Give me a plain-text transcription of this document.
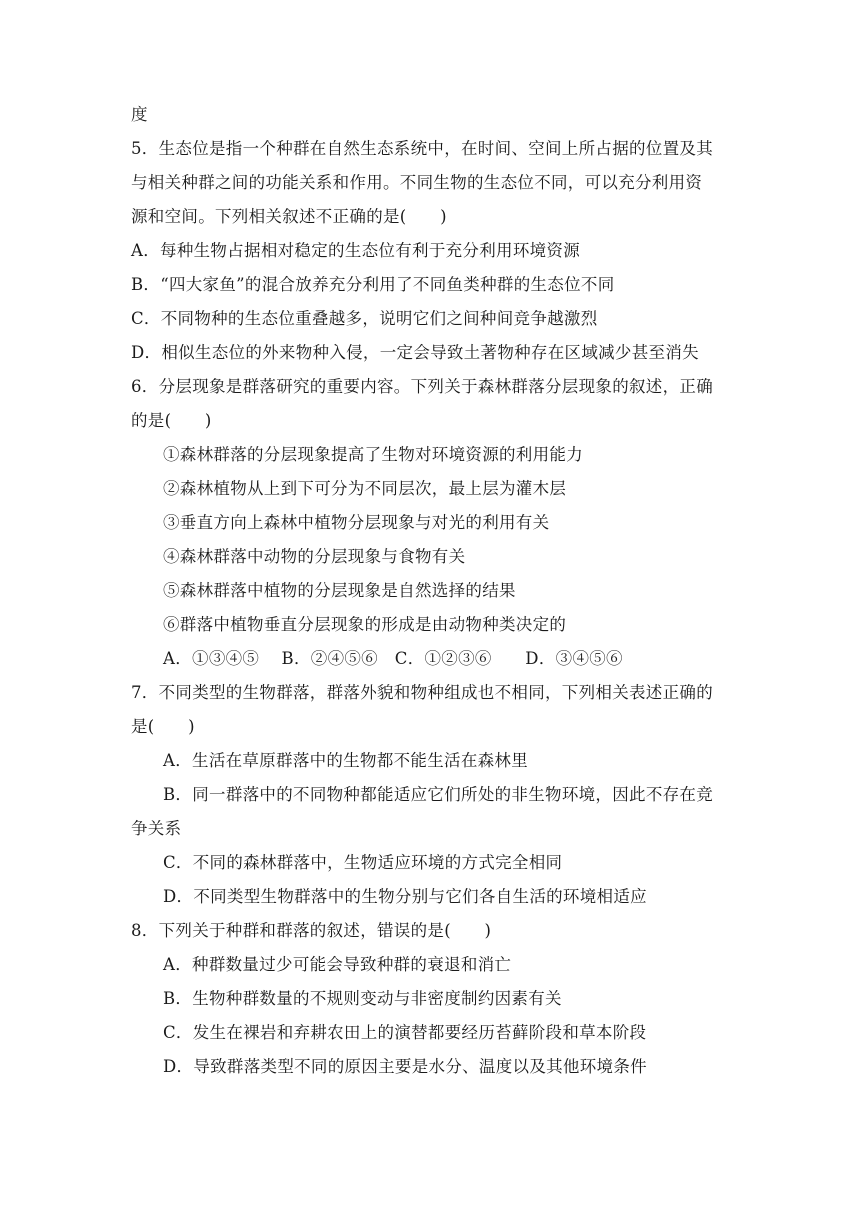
度
5．生态位是指一个种群在自然生态系统中，在时间、空间上所占据的位置及其
与相关种群之间的功能关系和作用。不同生物的生态位不同，可以充分利用资
源和空间。下列相关叙述不正确的是(　　)
A．每种生物占据相对稳定的生态位有利于充分利用环境资源
B．“四大家鱼”的混合放养充分利用了不同鱼类种群的生态位不同
C．不同物种的生态位重叠越多，说明它们之间种间竞争越激烈
D．相似生态位的外来物种入侵，一定会导致土著物种存在区域减少甚至消失
6．分层现象是群落研究的重要内容。下列关于森林群落分层现象的叙述，正确
的是(　　)
①森林群落的分层现象提高了生物对环境资源的利用能力
②森林植物从上到下可分为不同层次，最上层为灌木层
③垂直方向上森林中植物分层现象与对光的利用有关
④森林群落中动物的分层现象与食物有关
⑤森林群落中植物的分层现象是自然选择的结果
⑥群落中植物垂直分层现象的形成是由动物种类决定的
A．①③④⑤　 B．②④⑤⑥　C．①②③⑥　　D．③④⑤⑥
7．不同类型的生物群落，群落外貌和物种组成也不相同，下列相关表述正确的
是(　　)
A．生活在草原群落中的生物都不能生活在森林里
B．同一群落中的不同物种都能适应它们所处的非生物环境，因此不存在竞
争关系
C．不同的森林群落中，生物适应环境的方式完全相同
D．不同类型生物群落中的生物分别与它们各自生活的环境相适应
8．下列关于种群和群落的叙述，错误的是(　　)
A．种群数量过少可能会导致种群的衰退和消亡
B．生物种群数量的不规则变动与非密度制约因素有关
C．发生在裸岩和弃耕农田上的演替都要经历苔藓阶段和草本阶段
D．导致群落类型不同的原因主要是水分、温度以及其他环境条件
